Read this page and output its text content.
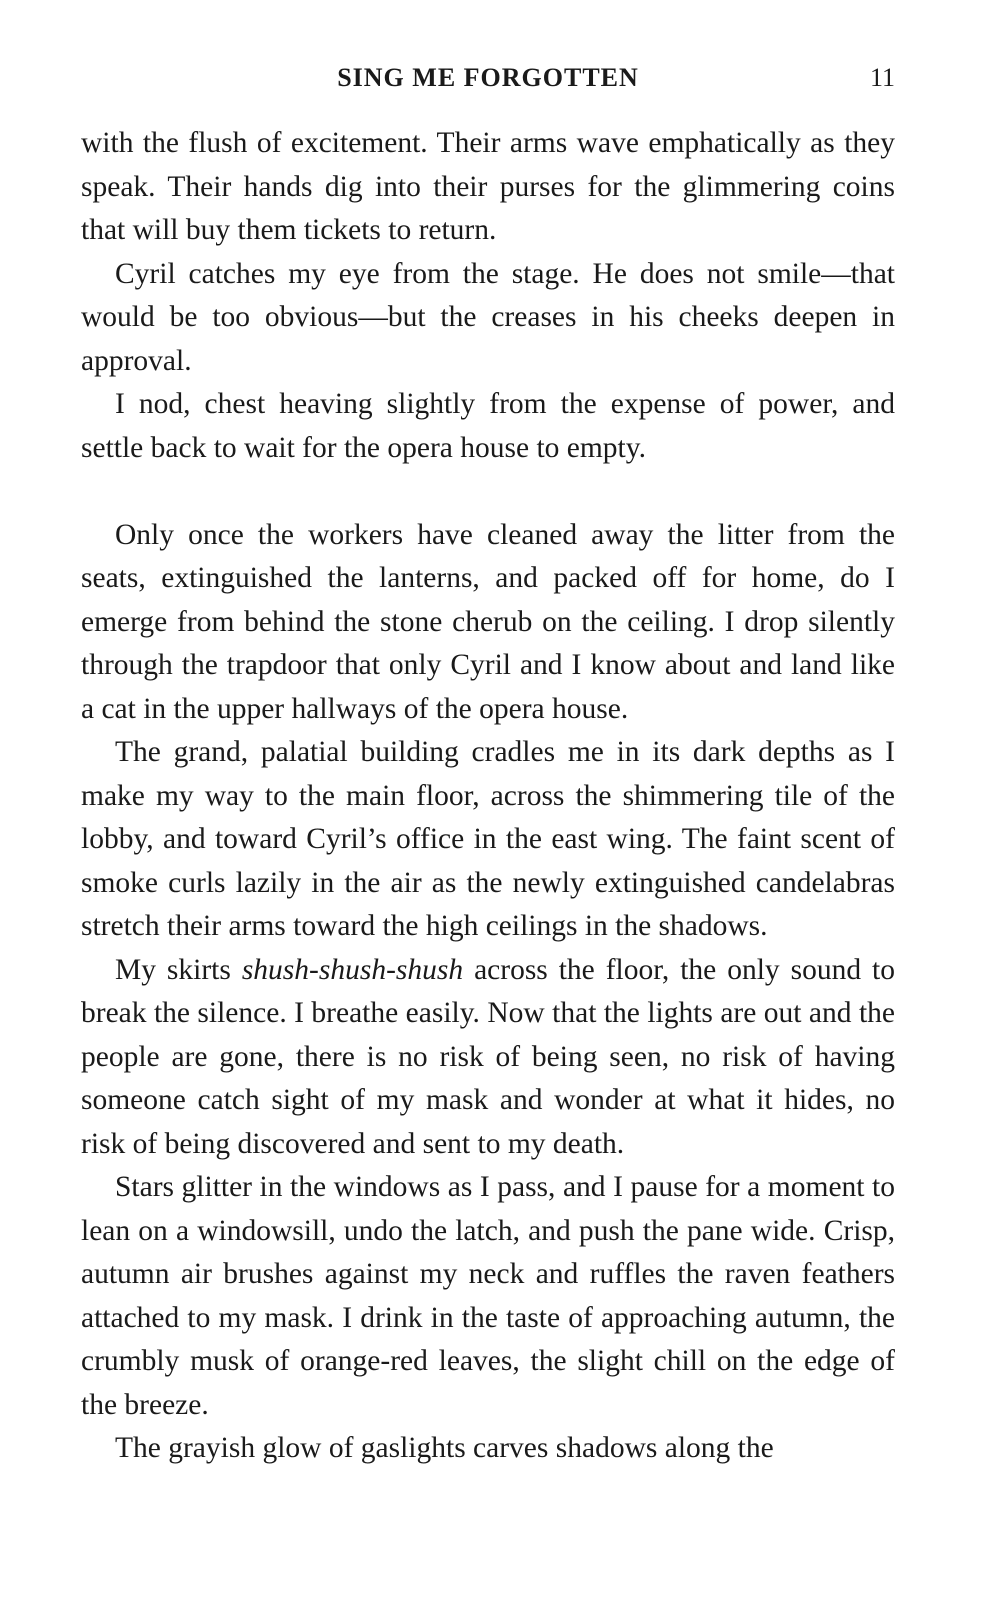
SING ME FORGOTTEN	11

with the flush of excitement. Their arms wave emphatically as they speak. Their hands dig into their purses for the glimmering coins that will buy them tickets to return.

Cyril catches my eye from the stage. He does not smile—that would be too obvious—but the creases in his cheeks deepen in approval.

I nod, chest heaving slightly from the expense of power, and settle back to wait for the opera house to empty.

Only once the workers have cleaned away the litter from the seats, extinguished the lanterns, and packed off for home, do I emerge from behind the stone cherub on the ceiling. I drop silently through the trapdoor that only Cyril and I know about and land like a cat in the upper hallways of the opera house.

The grand, palatial building cradles me in its dark depths as I make my way to the main floor, across the shimmering tile of the lobby, and toward Cyril’s office in the east wing. The faint scent of smoke curls lazily in the air as the newly extinguished candelabras stretch their arms toward the high ceilings in the shadows.

My skirts shush-shush-shush across the floor, the only sound to break the silence. I breathe easily. Now that the lights are out and the people are gone, there is no risk of being seen, no risk of having someone catch sight of my mask and wonder at what it hides, no risk of being discovered and sent to my death.

Stars glitter in the windows as I pass, and I pause for a moment to lean on a windowsill, undo the latch, and push the pane wide. Crisp, autumn air brushes against my neck and ruffles the raven feathers attached to my mask. I drink in the taste of approaching autumn, the crumbly musk of orange-red leaves, the slight chill on the edge of the breeze.

The grayish glow of gaslights carves shadows along the
